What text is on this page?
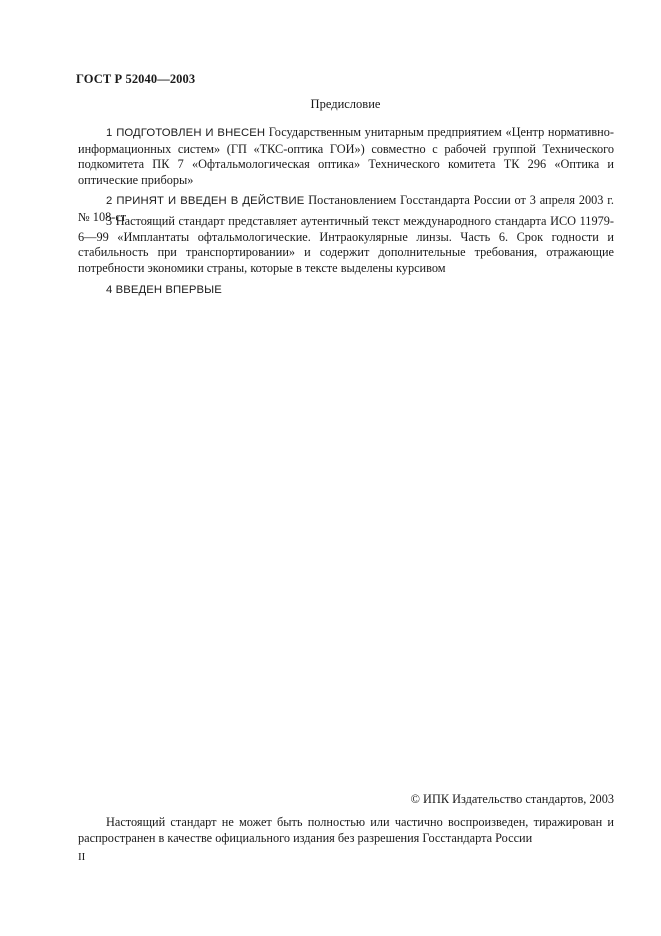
ГОСТ Р 52040—2003
Предисловие
1 ПОДГОТОВЛЕН И ВНЕСЕН Государственным унитарным предприятием «Центр нормативно-информационных систем» (ГП «ТКС-оптика ГОИ») совместно с рабочей группой Технического подкомитета ПК 7 «Офтальмологическая оптика» Технического комитета ТК 296 «Оптика и оптические приборы»
2 ПРИНЯТ И ВВЕДЕН В ДЕЙСТВИЕ Постановлением Госстандарта России от 3 апреля 2003 г. № 108-ст
3 Настоящий стандарт представляет аутентичный текст международного стандарта ИСО 11979-6—99 «Имплантаты офтальмологические. Интраокулярные линзы. Часть 6. Срок годности и стабильность при транспортировании» и содержит дополнительные требования, отражающие потребности экономики страны, которые в тексте выделены курсивом
4 ВВЕДЕН ВПЕРВЫЕ
© ИПК Издательство стандартов, 2003
Настоящий стандарт не может быть полностью или частично воспроизведен, тиражирован и распространен в качестве официального издания без разрешения Госстандарта России
II
